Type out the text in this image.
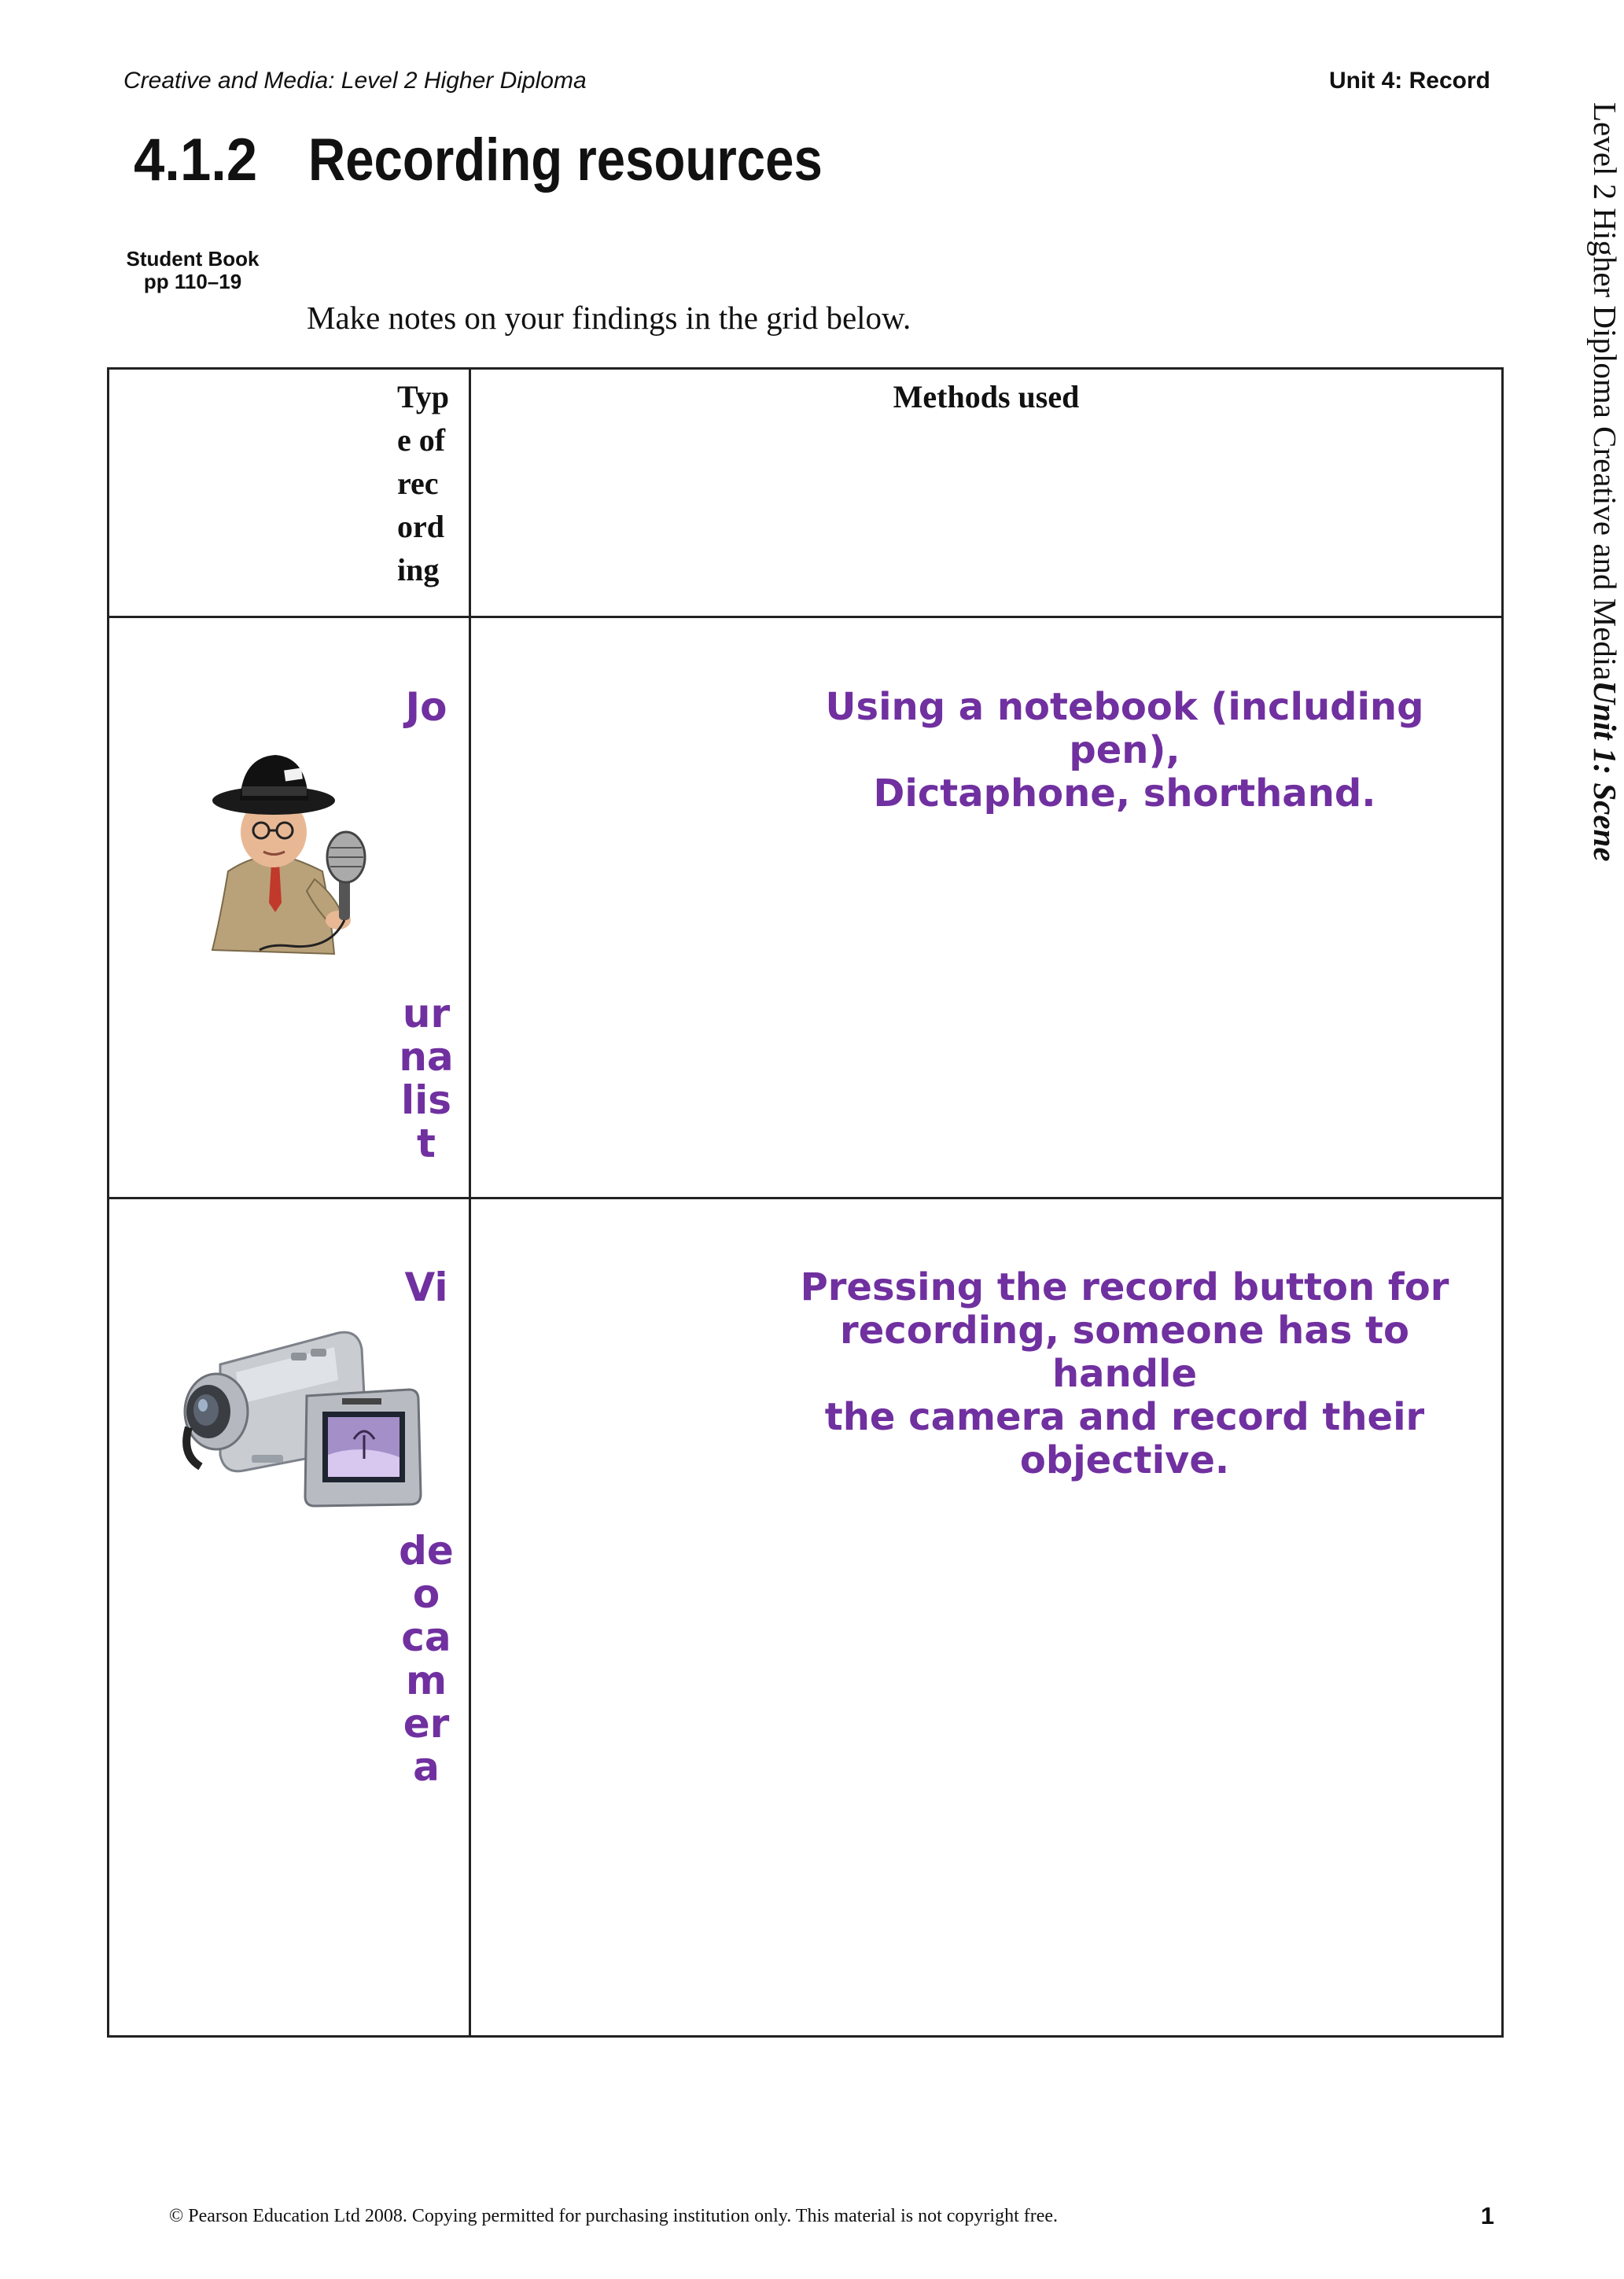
Creative and Media: Level 2 Higher Diploma	Unit 4: Record
Level 2 Higher Diploma Creative and MediaUnit 1: Scene
4.1.2 Recording resources
Student Book
pp 110–19
Make notes on your findings in the grid below.
Typ
e of
rec
ord
ing
Methods used
Jo
ur
na
lis
t
Using a notebook (including pen),
Dictaphone, shorthand.
Vi
de
o
ca
m
er
a
Pressing the record button for
recording, someone has to handle
the camera and record their
objective.
© Pearson Education Ltd 2008. Copying permitted for purchasing institution only. This material is not copyright free.	1
